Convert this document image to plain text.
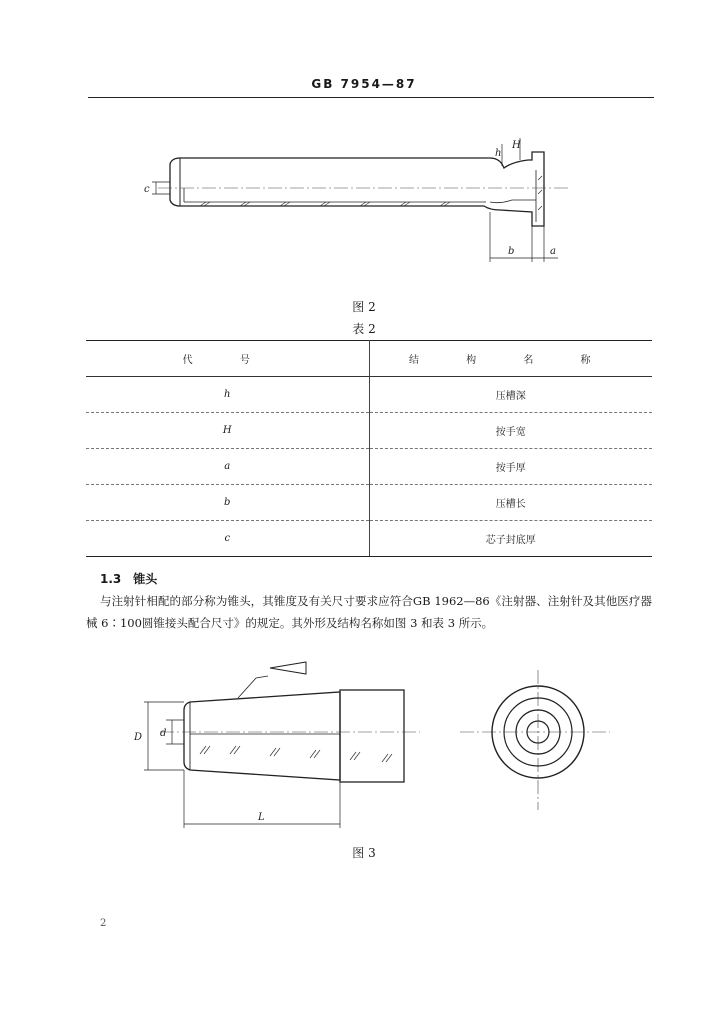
GB 7954—87
c
h
H
b	a
图 2
表 2
代 号	结 构 名 称
h	压槽深
H	按手宽
a	按手厚
b	压槽长
c	芯子封底厚
1.3 锥头
与注射针相配的部分称为锥头，其锥度及有关尺寸要求应符合GB 1962—86《注射器、注射针及其他医疗器械 6∶100圆锥接头配合尺寸》的规定。其外形及结构名称如图 3 和表 3 所示。
D d
L
图 3
2
